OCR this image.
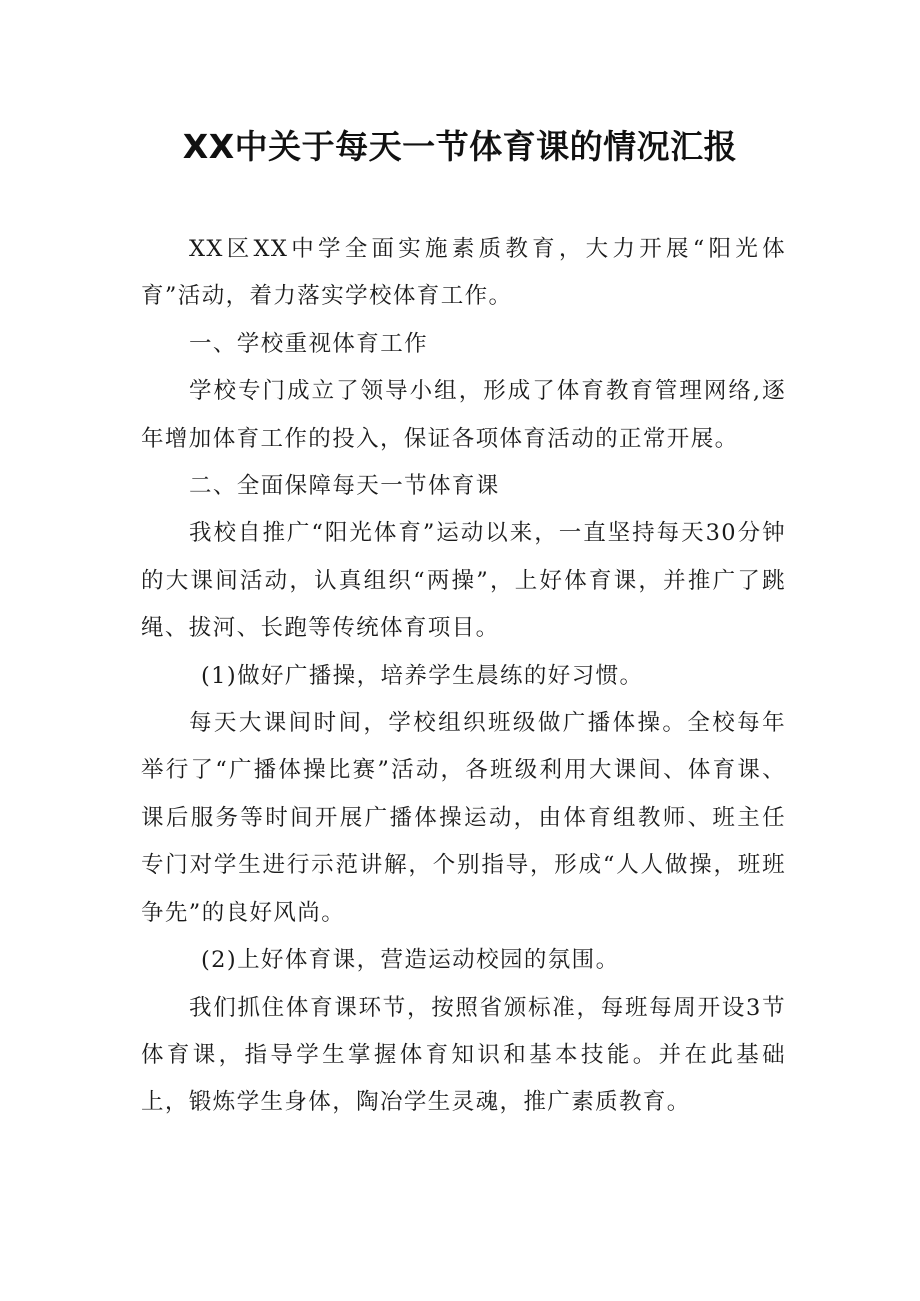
XX中关于每天一节体育课的情况汇报

XX区XX中学全面实施素质教育，大力开展“阳光体育”活动，着力落实学校体育工作。

一、学校重视体育工作

学校专门成立了领导小组，形成了体育教育管理网络,逐年增加体育工作的投入，保证各项体育活动的正常开展。

二、全面保障每天一节体育课

我校自推广“阳光体育”运动以来，一直坚持每天30分钟的大课间活动，认真组织“两操”，上好体育课，并推广了跳绳、拔河、长跑等传统体育项目。

(1)做好广播操，培养学生晨练的好习惯。

每天大课间时间，学校组织班级做广播体操。全校每年举行了“广播体操比赛”活动，各班级利用大课间、体育课、课后服务等时间开展广播体操运动，由体育组教师、班主任专门对学生进行示范讲解，个别指导，形成“人人做操，班班争先”的良好风尚。

(2)上好体育课，营造运动校园的氛围。

我们抓住体育课环节，按照省颁标准，每班每周开设3节体育课，指导学生掌握体育知识和基本技能。并在此基础上，锻炼学生身体，陶冶学生灵魂，推广素质教育。
